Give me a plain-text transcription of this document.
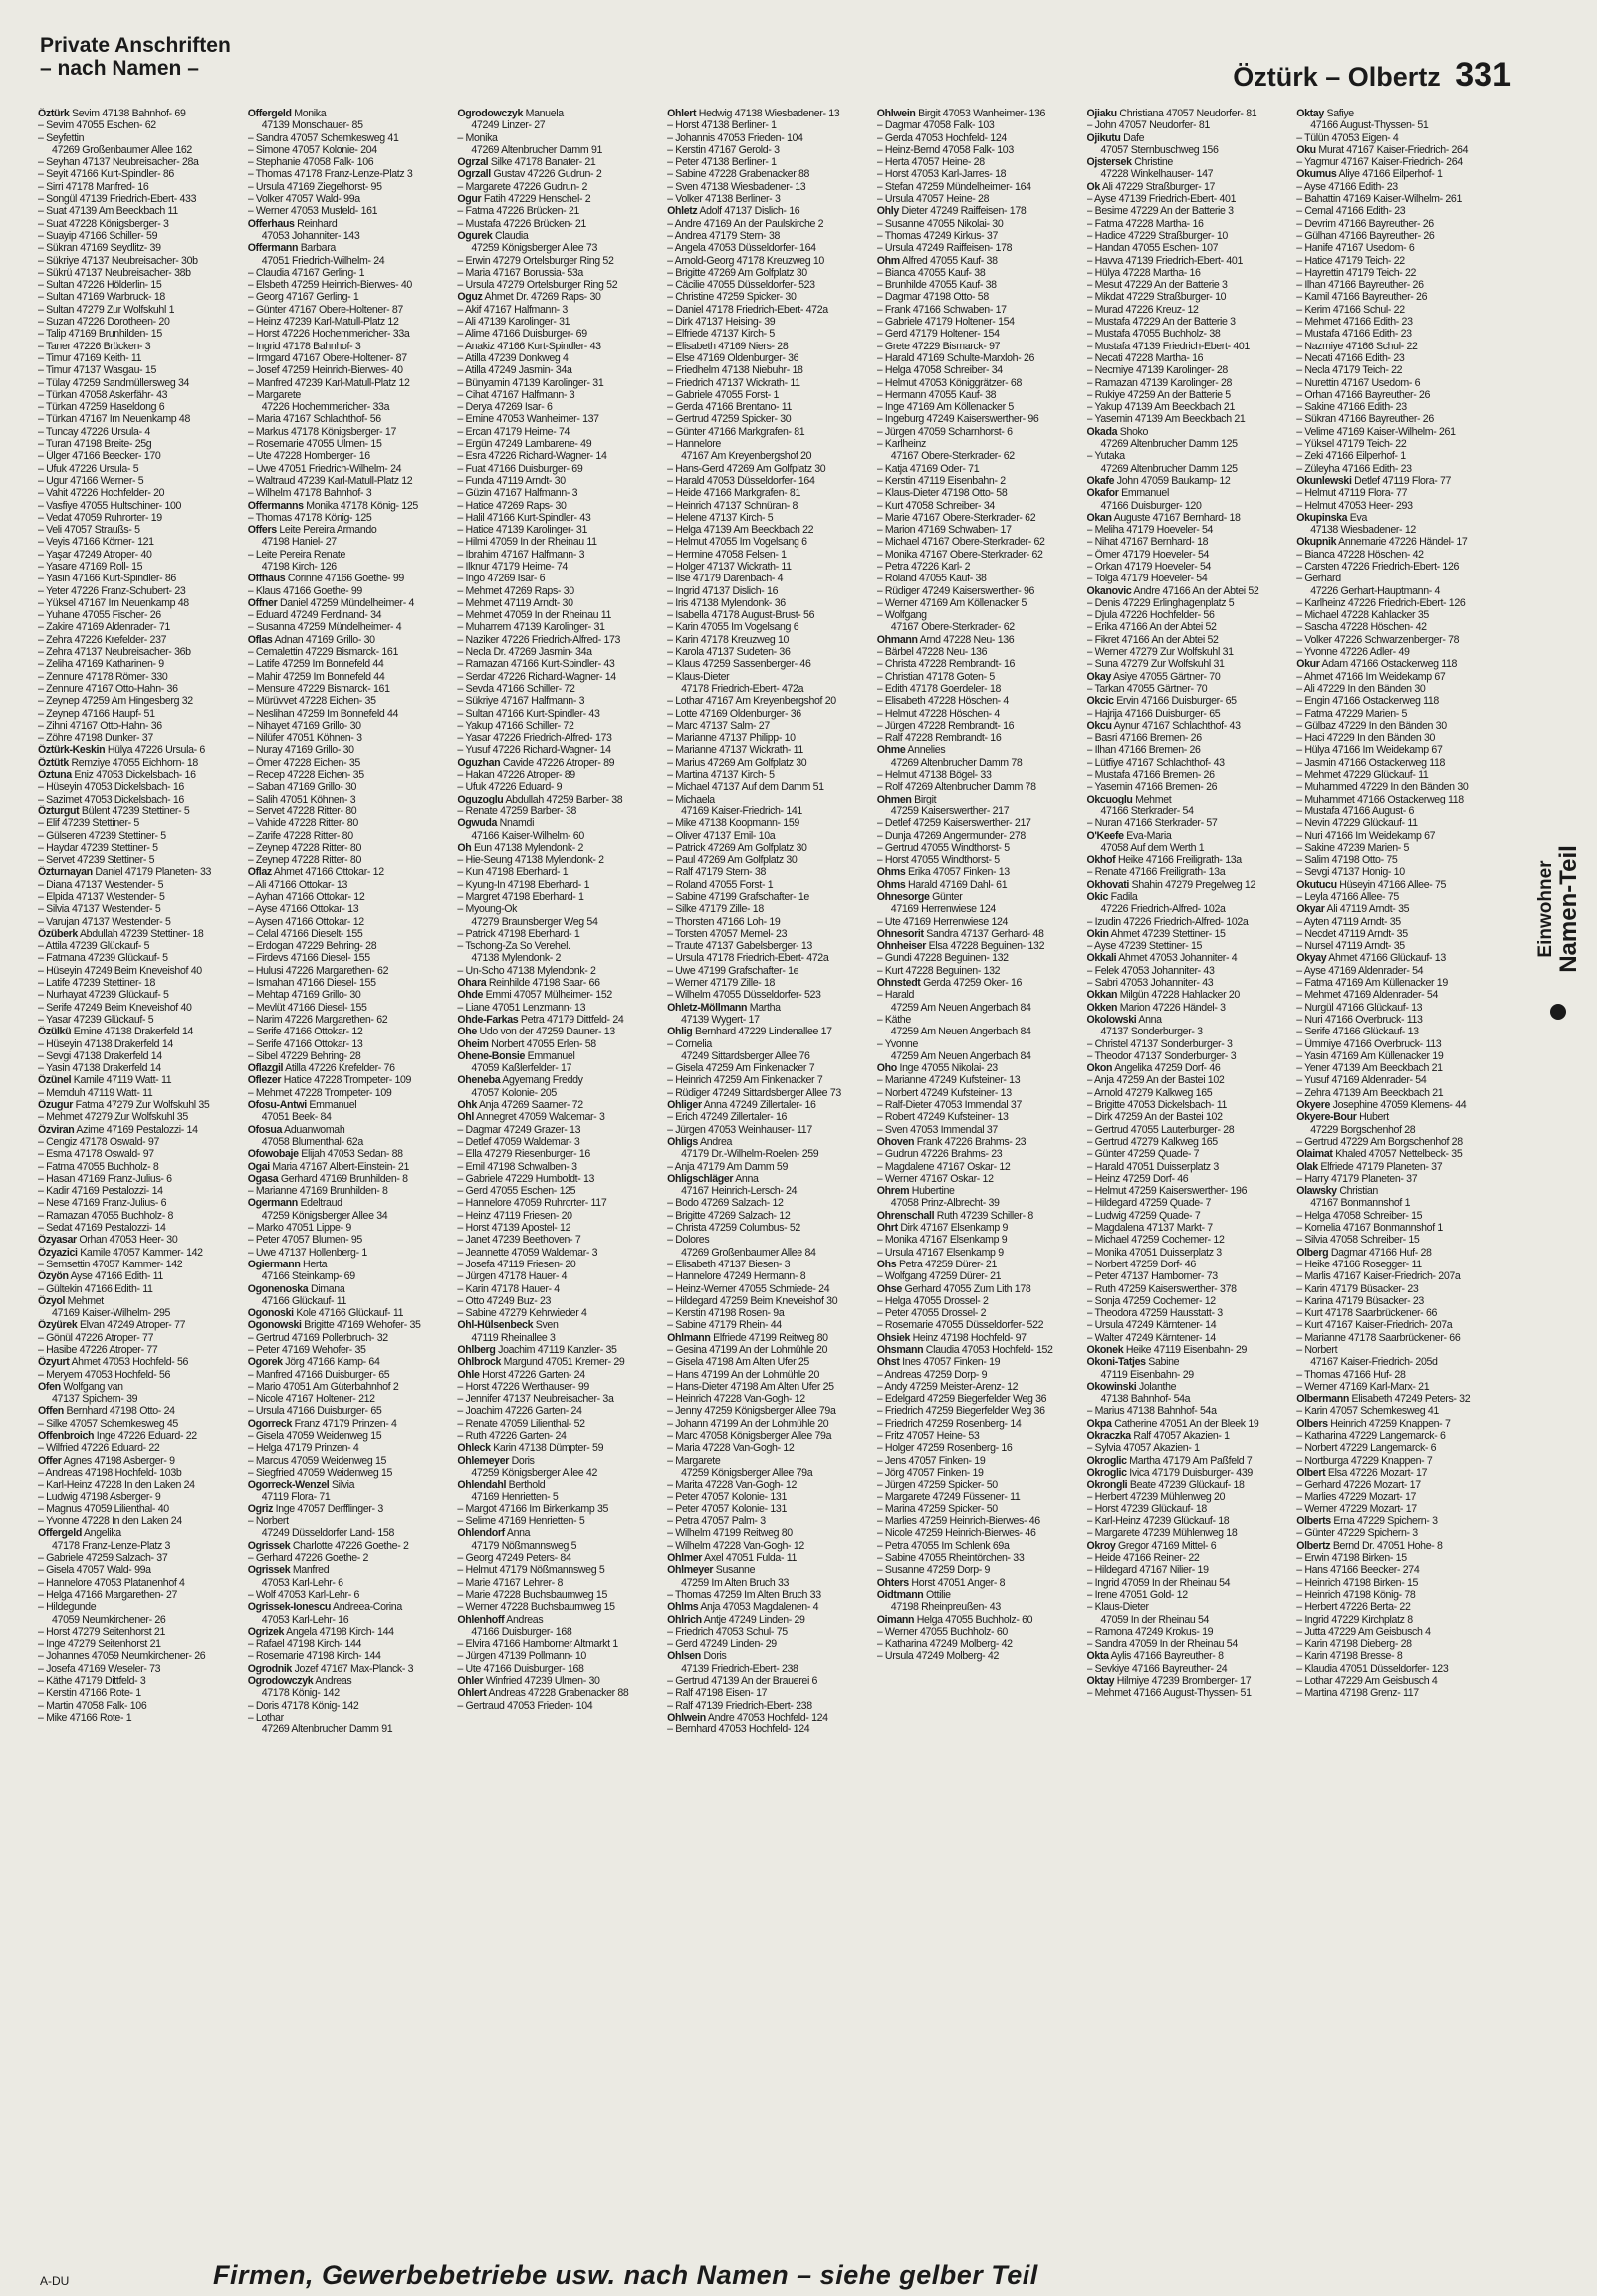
Private Anschriften
– nach Namen –	Öztürk – Olbertz 331
Öztürk Sevim 47138 Bahnhof- 69
– Sevim 47055 Eschen- 62
– Seyfettin
47269 Großenbaumer Allee 162
– Seyhan 47137 Neubreisacher- 28a
– Seyit 47166 Kurt-Spindler- 86
– Sirri 47178 Manfred- 16
– Songül 47139 Friedrich-Ebert- 433
– Suat 47139 Am Beeckbach 11
– Suat 47228 Königsberger- 3
– Suayip 47166 Schiller- 59
– Sükran 47169 Seydlitz- 39
– Sükriye 47137 Neubreisacher- 30b
– Sükrü 47137 Neubreisacher- 38b
– Sultan 47226 Hölderlin- 15
– Sultan 47169 Warbruck- 18
– Sultan 47279 Zur Wolfskuhl 1
– Suzan 47226 Dorotheen- 20
– Talip 47169 Brunhilden- 15
– Taner 47226 Brücken- 3
– Timur 47169 Keith- 11
– Timur 47137 Wasgau- 15
– Tülay 47259 Sandmüllersweg 34
– Türkan 47058 Askerfähr- 43
– Türkan 47259 Haseldong 6
– Türkan 47167 Im Neuenkamp 48
– Tuncay 47226 Ursula- 4
– Turan 47198 Breite- 25g
– Ülger 47166 Beecker- 170
– Ufuk 47226 Ursula- 5
– Ugur 47166 Werner- 5
– Vahit 47226 Hochfelder- 20
– Vasfiye 47055 Hultschiner- 100
– Vedat 47059 Ruhrorter- 19
– Veli 47057 Straußs- 5
– Veyis 47166 Körner- 121
– Yaşar 47249 Atroper- 40
– Yasare 47169 Roll- 15
– Yasin 47166 Kurt-Spindler- 86
– Yeter 47226 Franz-Schubert- 23
– Yüksel 47167 Im Neuenkamp 48
– Yuhane 47055 Fischer- 26
– Zakire 47169 Aldenrader- 71
– Zehra 47226 Krefelder- 237
– Zehra 47137 Neubreisacher- 36b
– Zeliha 47169 Katharinen- 9
– Zennure 47178 Römer- 330
– Zennure 47167 Otto-Hahn- 36
– Zeynep 47259 Am Hingesberg 32
– Zeynep 47166 Haupf- 51
– Zihni 47167 Otto-Hahn- 36
– Zöhre 47198 Dunker- 37
Öztürk-Keskin Hülya 47226 Ursula- 6
Öztütk Remziye 47055 Eichhorn- 18
Öztuna Eniz 47053 Dickelsbach- 16
– Hüseyin 47053 Dickelsbach- 16
– Sazimet 47053 Dickelsbach- 16
Özturgut Bülent 47239 Stettiner- 5
– Elif 47239 Stettiner- 5
– Gülseren 47239 Stettiner- 5
– Haydar 47239 Stettiner- 5
– Servet 47239 Stettiner- 5
Özturnayan Daniel 47179 Planeten- 33
– Diana 47137 Westender- 5
– Elpida 47137 Westender- 5
– Silvia 47137 Westender- 5
– Varujan 47137 Westender- 5
Özüberk Abdullah 47239 Stettiner- 18
– Attila 47239 Glückauf- 5
– Fatmana 47239 Glückauf- 5
– Hüseyin 47249 Beim Kneveishof 40
– Latife 47239 Stettiner- 18
– Nurhayat 47239 Glückauf- 5
– Serife 47249 Beim Kneveishof 40
– Yasar 47239 Glückauf- 5
Özülkü Emine 47138 Drakerfeld 14
– Hüseyin 47138 Drakerfeld 14
– Sevgi 47138 Drakerfeld 14
– Yasin 47138 Drakerfeld 14
Özünel Kamile 47119 Watt- 11
– Memduh 47119 Watt- 11
Özugur Fatma 47279 Zur Wolfskuhl 35
– Mehmet 47279 Zur Wolfskuhl 35
Özviran Azime 47169 Pestalozzi- 14
– Cengiz 47178 Oswald- 97
– Esma 47178 Oswald- 97
– Fatma 47055 Buchholz- 8
– Hasan 47169 Franz-Julius- 6
– Kadir 47169 Pestalozzi- 14
– Nese 47169 Franz-Julius- 6
– Ramazan 47055 Buchholz- 8
– Sedat 47169 Pestalozzi- 14
Özyasar Orhan 47053 Heer- 30
Özyazici Kamile 47057 Kammer- 142
– Semsettin 47057 Kammer- 142
Özyön Ayse 47166 Edith- 11
– Gültekin 47166 Edith- 11
Özyol Mehmet
47169 Kaiser-Wilhelm- 295
Özyürek Elvan 47249 Atroper- 77
– Gönül 47226 Atroper- 77
– Hasibe 47226 Atroper- 77
Özyurt Ahmet 47053 Hochfeld- 56
– Meryem 47053 Hochfeld- 56
Ofen Wolfgang van
47137 Spichern- 39
Offen Bernhard 47198 Otto- 24
– Silke 47057 Schemkesweg 45
Offenbroich Inge 47226 Eduard- 22
– Wilfried 47226 Eduard- 22
Offer Agnes 47198 Asberger- 9
– Andreas 47198 Hochfeld- 103b
– Karl-Heinz 47228 In den Laken 24
– Ludwig 47198 Asberger- 9
– Magnus 47059 Lilienthal- 40
– Yvonne 47228 In den Laken 24
Offergeld Angelika
47178 Franz-Lenze-Platz 3
– Gabriele 47259 Salzach- 37
– Gisela 47057 Wald- 99a
– Hannelore 47053 Platanenhof 4
– Helga 47166 Margarethen- 27
– Hildegunde
47059 Neumkirchener- 26
– Horst 47279 Seitenhorst 21
– Inge 47279 Seitenhorst 21
– Johannes 47059 Neumkirchener- 26
– Josefa 47169 Weseler- 73
– Käthe 47179 Dittfeld- 3
– Kerstin 47166 Rote- 1
– Martin 47058 Falk- 106
– Mike 47166 Rote- 1
Offergeld Monika
47139 Monschauer- 85
– Sandra 47057 Schemkesweg 41
– Simone 47057 Kolonie- 204
– Stephanie 47058 Falk- 106
– Thomas 47178 Franz-Lenze-Platz 3
– Ursula 47169 Ziegelhorst- 95
– Volker 47057 Wald- 99a
– Werner 47053 Musfeld- 161
Offerhaus Reinhard
47053 Johanniter- 143
Offermann Barbara
47051 Friedrich-Wilhelm- 24
– Claudia 47167 Gerling- 1
– Elsbeth 47259 Heinrich-Bierwes- 40
– Georg 47167 Gerling- 1
– Günter 47167 Obere-Holtener- 87
– Heinz 47239 Karl-Matull-Platz 12
– Horst 47226 Hochemmericher- 33a
– Ingrid 47178 Bahnhof- 3
– Irmgard 47167 Obere-Holtener- 87
– Josef 47259 Heinrich-Bierwes- 40
– Manfred 47239 Karl-Matull-Platz 12
– Margarete
47226 Hochemmericher- 33a
– Maria 47167 Schlachthof- 56
– Markus 47178 Königsberger- 17
– Rosemarie 47055 Ulmen- 15
– Ute 47228 Homberger- 16
– Uwe 47051 Friedrich-Wilhelm- 24
– Waltraud 47239 Karl-Matull-Platz 12
– Wilhelm 47178 Bahnhof- 3
Offermanns Monika 47178 König- 125
– Thomas 47178 König- 125
Offers Leite Pereira Armando
47198 Haniel- 27
– Leite Pereira Renate
47198 Kirch- 126
Offhaus Corinne 47166 Goethe- 99
– Klaus 47166 Goethe- 99
Offner Daniel 47259 Mündelheimer- 4
– Eduard 47249 Ferdinand- 34
– Susanna 47259 Mündelheimer- 4
Oflas Adnan 47169 Grillo- 30
– Cemalettin 47229 Bismarck- 161
– Latife 47259 Im Bonnefeld 44
– Mahir 47259 Im Bonnefeld 44
– Mensure 47229 Bismarck- 161
– Mürüvvet 47228 Eichen- 35
– Neslihan 47259 Im Bonnefeld 44
– Nihayet 47169 Grillo- 30
– Nilüfer 47051 Köhnen- 3
– Nuray 47169 Grillo- 30
– Ömer 47228 Eichen- 35
– Recep 47228 Eichen- 35
– Saban 47169 Grillo- 30
– Salih 47051 Köhnen- 3
– Servet 47228 Ritter- 80
– Vahide 47228 Ritter- 80
– Zarife 47228 Ritter- 80
– Zeynep 47228 Ritter- 80
– Zeynep 47228 Ritter- 80
Oflaz Ahmet 47166 Ottokar- 12
– Ali 47166 Ottokar- 13
– Ayhan 47166 Ottokar- 12
– Ayse 47166 Ottokar- 13
– Aysen 47166 Ottokar- 12
– Celal 47166 Dieselt- 155
– Erdogan 47229 Behring- 28
– Firdevs 47166 Diesel- 155
– Hulusi 47226 Margarethen- 62
– Ismahan 47166 Diesel- 155
– Mehtap 47169 Grillo- 30
– Mevlüt 47166 Diesel- 155
– Narim 47226 Margarethen- 62
– Serife 47166 Ottokar- 12
– Serife 47166 Ottokar- 13
– Sibel 47229 Behring- 28
Oflazgil Atilla 47226 Krefelder- 76
Oflezer Hatice 47228 Trompeter- 109
– Mehmet 47228 Trompeter- 109
Ofosu-Antwi Emmanuel
47051 Beek- 84
Ofosua Aduanwomah
47058 Blumenthal- 62a
Ofowobaje Elijah 47053 Sedan- 88
Ogai Maria 47167 Albert-Einstein- 21
Ogasa Gerhard 47169 Brunhilden- 8
– Marianne 47169 Brunhilden- 8
Ogermann Edeltraud
47259 Königsberger Allee 34
– Marko 47051 Lippe- 9
– Peter 47057 Blumen- 95
– Uwe 47137 Hollenberg- 1
Ogiermann Herta
47166 Steinkamp- 69
Ogonenoska Dimana
47166 Glückauf- 11
Ogonoski Kole 47166 Glückauf- 11
Ogonowski Brigitte 47169 Wehofer- 35
– Gertrud 47169 Pollerbruch- 32
– Peter 47169 Wehofer- 35
Ogorek Jörg 47166 Kamp- 64
– Manfred 47166 Duisburger- 65
– Mario 47051 Am Güterbahnhof 2
– Nicole 47167 Holtener- 212
– Ursula 47166 Duisburger- 65
Ogorreck Franz 47179 Prinzen- 4
– Gisela 47059 Weidenweg 15
– Helga 47179 Prinzen- 4
– Marcus 47059 Weidenweg 15
– Siegfried 47059 Weidenweg 15
Ogorreck-Wenzel Silvia
47119 Flora- 71
Ogriz Inge 47057 Derfflinger- 3
– Norbert
47249 Düsseldorfer Land- 158
Ogrissek Charlotte 47226 Goethe- 2
– Gerhard 47226 Goethe- 2
Ogrissek Manfred
47053 Karl-Lehr- 6
– Wolf 47053 Karl-Lehr- 6
Ogrissek-Ionescu Andreea-Corina
47053 Karl-Lehr- 16
Ogrizek Angela 47198 Kirch- 144
– Rafael 47198 Kirch- 144
– Rosemarie 47198 Kirch- 144
Ogrodnik Jozef 47167 Max-Planck- 3
Ogrodowczyk Andreas
47178 König- 142
– Doris 47178 König- 142
– Lothar
47269 Altenbrucher Damm 91
Ogrodowczyk Manuela
47249 Linzer- 27
– Monika
47269 Altenbrucher Damm 91
Ogrzal Silke 47178 Banater- 21
Ogrzall Gustav 47226 Gudrun- 2
– Margarete 47226 Gudrun- 2
Ogur Fatih 47229 Henschel- 2
– Fatma 47226 Brücken- 21
– Mustafa 47226 Brücken- 21
Ogurek Claudia
47259 Königsberger Allee 73
– Erwin 47279 Ortelsburger Ring 52
– Maria 47167 Borussia- 53a
– Ursula 47279 Ortelsburger Ring 52
Oguz Ahmet Dr. 47269 Raps- 30
– Akif 47167 Halfmann- 3
– Ali 47139 Karolinger- 31
– Alime 47166 Duisburger- 69
– Anakiz 47166 Kurt-Spindler- 43
– Atilla 47239 Donkweg 4
– Atilla 47249 Jasmin- 34a
– Bünyamin 47139 Karolinger- 31
– Cihat 47167 Halfmann- 3
– Derya 47269 Isar- 6
– Emine 47053 Wanheimer- 137
– Ercan 47179 Heime- 74
– Ergün 47249 Lambarene- 49
– Esra 47226 Richard-Wagner- 14
– Fuat 47166 Duisburger- 69
– Funda 47119 Arndt- 30
– Güzin 47167 Halfmann- 3
– Hatice 47269 Raps- 30
– Halil 47166 Kurt-Spindler- 43
– Hatice 47139 Karolinger- 31
– Hilmi 47059 In der Rheinau 11
– Ibrahim 47167 Halfmann- 3
– Ilknur 47179 Heime- 74
– Ingo 47269 Isar- 6
– Mehmet 47269 Raps- 30
– Mehmet 47119 Arndt- 30
– Mehmet 47059 In der Rheinau 11
– Muharrem 47139 Karolinger- 31
– Naziker 47226 Friedrich-Alfred- 173
– Necla Dr. 47269 Jasmin- 34a
– Ramazan 47166 Kurt-Spindler- 43
– Serdar 47226 Richard-Wagner- 14
– Sevda 47166 Schiller- 72
– Sükriye 47167 Halfmann- 3
– Sultan 47166 Kurt-Spindler- 43
– Yakup 47166 Schiller- 72
– Yasar 47226 Friedrich-Alfred- 173
– Yusuf 47226 Richard-Wagner- 14
Oguzhan Cavide 47226 Atroper- 89
– Hakan 47226 Atroper- 89
– Ufuk 47226 Eduard- 9
Oguzoglu Abdullah 47259 Barber- 38
– Renate 47259 Barber- 38
Ogwuda Nnamdi
47166 Kaiser-Wilhelm- 60
Oh Eun 47138 Mylendonk- 2
– Hie-Seung 47138 Mylendonk- 2
– Kun 47198 Eberhard- 1
– Kyung-In 47198 Eberhard- 1
– Margret 47198 Eberhard- 1
– Myoung-Ok
47279 Braunsberger Weg 54
– Patrick 47198 Eberhard- 1
– Tschong-Za So Verehel.
47138 Mylendonk- 2
– Un-Scho 47138 Mylendonk- 2
Ohara Reinhilde 47198 Saar- 66
Ohde Emmi 47057 Mülheimer- 152
– Liane 47051 Lenzmann- 13
Ohde-Farkas Petra 47179 Dittfeld- 24
Ohe Udo von der 47259 Dauner- 13
Oheim Norbert 47055 Erlen- 58
Ohene-Bonsie Emmanuel
47059 Kaßlerfelder- 17
Oheneba Agyemang Freddy
47057 Kolonie- 205
Ohk Anja 47269 Saarner- 72
Ohl Annegret 47059 Waldemar- 3
– Dagmar 47249 Grazer- 13
– Detlef 47059 Waldemar- 3
– Ella 47279 Riesenburger- 16
– Emil 47198 Schwalben- 3
– Gabriele 47229 Humboldt- 13
– Gerd 47055 Eschen- 125
– Hannelore 47059 Ruhrorter- 117
– Heinz 47119 Friesen- 20
– Horst 47139 Apostel- 12
– Janet 47239 Beethoven- 7
– Jeannette 47059 Waldemar- 3
– Josefa 47119 Friesen- 20
– Jürgen 47178 Hauer- 4
– Karin 47178 Hauer- 4
– Otto 47249 Buz- 23
– Sabine 47279 Kehrwieder 4
Ohl-Hülsenbeck Sven
47119 Rheinallee 3
Ohlberg Joachim 47119 Kanzler- 35
Ohlbrock Margund 47051 Kremer- 29
Ohle Horst 47226 Garten- 24
– Horst 47226 Werthauser- 99
– Jennifer 47137 Neubreisacher- 3a
– Joachim 47226 Garten- 24
– Renate 47059 Lilienthal- 52
– Ruth 47226 Garten- 24
Ohleck Karin 47138 Dümpter- 59
Ohlemeyer Doris
47259 Königsberger Allee 42
Ohlendahl Berthold
47169 Henrietten- 5
– Margot 47166 Im Birkenkamp 35
– Selime 47169 Henrietten- 5
Ohlendorf Anna
47179 Nößmannsweg 5
– Georg 47249 Peters- 84
– Helmut 47179 Nößmannsweg 5
– Marie 47167 Lehrer- 8
– Marie 47228 Buchsbaumweg 15
– Werner 47228 Buchsbaumweg 15
Ohlenhoff Andreas
47166 Duisburger- 168
– Elvira 47166 Hamborner Altmarkt 1
– Jürgen 47139 Pollmann- 10
– Ute 47166 Duisburger- 168
Ohler Winfried 47239 Ulmen- 30
Ohlert Andreas 47228 Grabenacker 88
– Gertraud 47053 Frieden- 104
Ohlert Hedwig 47138 Wiesbadener- 13
– Horst 47138 Berliner- 1
– Johannis 47053 Frieden- 104
– Kerstin 47167 Gerold- 3
– Peter 47138 Berliner- 1
– Sabine 47228 Grabenacker 88
– Sven 47138 Wiesbadener- 13
– Volker 47138 Berliner- 3
Ohletz Adolf 47137 Dislich- 16
– Andre 47169 An der Paulskirche 2
– Andrea 47179 Stern- 38
– Angela 47053 Düsseldorfer- 164
– Arnold-Georg 47178 Kreuzweg 10
– Brigitte 47269 Am Golfplatz 30
– Cäcilie 47055 Düsseldorfer- 523
– Christine 47259 Spicker- 30
– Daniel 47178 Friedrich-Ebert- 472a
– Dirk 47137 Heising- 39
– Elfriede 47137 Kirch- 5
– Elisabeth 47169 Niers- 28
– Else 47169 Oldenburger- 36
– Friedhelm 47138 Niebuhr- 18
– Friedrich 47137 Wickrath- 11
– Gabriele 47055 Forst- 1
– Gerda 47166 Brentano- 11
– Gertrud 47259 Spicker- 30
– Günter 47166 Markgrafen- 81
– Hannelore
47167 Am Kreyenbergshof 20
– Hans-Gerd 47269 Am Golfplatz 30
– Harald 47053 Düsseldorfer- 164
– Heide 47166 Markgrafen- 81
– Heinrich 47137 Schnüran- 8
– Helene 47137 Kirch- 5
– Helga 47139 Am Beeckbach 22
– Helmut 47055 Im Vogelsang 6
– Hermine 47058 Felsen- 1
– Holger 47137 Wickrath- 11
– Ilse 47179 Darenbach- 4
– Ingrid 47137 Dislich- 16
– Iris 47138 Mylendonk- 36
– Isabella 47178 August-Brust- 56
– Karin 47055 Im Vogelsang 6
– Karin 47178 Kreuzweg 10
– Karola 47137 Sudeten- 36
– Klaus 47259 Sassenberger- 46
– Klaus-Dieter
47178 Friedrich-Ebert- 472a
– Lothar 47167 Am Kreyenbergshof 20
– Lotte 47169 Oldenburger- 36
– Marc 47137 Salm- 27
– Marianne 47137 Philipp- 10
– Marianne 47137 Wickrath- 11
– Marius 47269 Am Golfplatz 30
– Martina 47137 Kirch- 5
– Michael 47137 Auf dem Damm 51
– Michaela
47169 Kaiser-Friedrich- 141
– Mike 47138 Koopmann- 159
– Oliver 47137 Emil- 10a
– Patrick 47269 Am Golfplatz 30
– Paul 47269 Am Golfplatz 30
– Ralf 47179 Stern- 38
– Roland 47055 Forst- 1
– Sabine 47199 Grafschafter- 1e
– Silke 47179 Zille- 18
– Thorsten 47166 Loh- 19
– Torsten 47057 Memel- 23
– Traute 47137 Gabelsberger- 13
– Ursula 47178 Friedrich-Ebert- 472a
– Uwe 47199 Grafschafter- 1e
– Werner 47179 Zille- 18
– Wilhelm 47055 Düsseldorfer- 523
Ohletz-Möllmann Martha
47139 Wygert- 17
Ohlig Bernhard 47229 Lindenallee 17
– Cornelia
47249 Sittardsberger Allee 76
– Gisela 47259 Am Finkenacker 7
– Heinrich 47259 Am Finkenacker 7
– Rüdiger 47249 Sittardsberger Allee 73
Ohliger Anna 47249 Zillertaler- 16
– Erich 47249 Zillertaler- 16
– Jürgen 47053 Weinhauser- 117
Ohligs Andrea
47179 Dr.-Wilhelm-Roelen- 259
– Anja 47179 Am Damm 59
Ohligschläger Anna
47167 Heinrich-Lersch- 24
– Bodo 47269 Salzach- 12
– Brigitte 47269 Salzach- 12
– Christa 47259 Columbus- 52
– Dolores
47269 Großenbaumer Allee 84
– Elisabeth 47137 Biesen- 3
– Hannelore 47249 Hermann- 8
– Heinz-Werner 47055 Schmiede- 24
– Hildegard 47259 Beim Kneveishof 30
– Kerstin 47198 Rosen- 9a
– Sabine 47179 Rhein- 44
Ohlmann Elfriede 47199 Reitweg 80
– Gesina 47199 An der Lohmühle 20
– Gisela 47198 Am Alten Ufer 25
– Hans 47199 An der Lohmühle 20
– Hans-Dieter 47198 Am Alten Ufer 25
– Heinrich 47228 Van-Gogh- 12
– Jenny 47259 Königsberger Allee 79a
– Johann 47199 An der Lohmühle 20
– Marc 47058 Königsberger Allee 79a
– Maria 47228 Van-Gogh- 12
– Margarete
47259 Königsberger Allee 79a
– Marita 47228 Van-Gogh- 12
– Peter 47057 Kolonie- 131
– Peter 47057 Kolonie- 131
– Petra 47057 Palm- 3
– Wilhelm 47199 Reitweg 80
– Wilhelm 47228 Van-Gogh- 12
Ohlmer Axel 47051 Fulda- 11
Ohlmeyer Susanne
47259 Im Alten Bruch 33
– Thomas 47259 Im Alten Bruch 33
Ohlms Anja 47053 Magdalenen- 4
Ohlrich Antje 47249 Linden- 29
– Friedrich 47053 Schul- 75
– Gerd 47249 Linden- 29
Ohlsen Doris
47139 Friedrich-Ebert- 238
– Gertrud 47139 An der Brauerei 6
– Ralf 47198 Eisen- 17
– Ralf 47139 Friedrich-Ebert- 238
Ohlwein Andre 47053 Hochfeld- 124
– Bernhard 47053 Hochfeld- 124
Ohlwein Birgit 47053 Wanheimer- 136
– Dagmar 47058 Falk- 103
– Gerda 47053 Hochfeld- 124
– Heinz-Bernd 47058 Falk- 103
– Herta 47057 Heine- 28
– Horst 47053 Karl-Jarres- 18
– Stefan 47259 Mündelheimer- 164
– Ursula 47057 Heine- 28
Ohly Dieter 47249 Raiffeisen- 178
– Susanne 47055 Nikolai- 30
– Thomas 47249 Kirkus- 37
– Ursula 47249 Raiffeisen- 178
Ohm Alfred 47055 Kauf- 38
– Bianca 47055 Kauf- 38
– Brunhilde 47055 Kauf- 38
– Dagmar 47198 Otto- 58
– Frank 47166 Schwaben- 17
– Gabriele 47179 Holtener- 154
– Gerd 47179 Holtener- 154
– Grete 47229 Bismarck- 97
– Harald 47169 Schulte-Marxloh- 26
– Helga 47058 Schreiber- 34
– Helmut 47053 Königgrätzer- 68
– Hermann 47055 Kauf- 38
– Inge 47169 Am Köllenacker 5
– Ingeburg 47249 Kaiserswerther- 96
– Jürgen 47059 Scharnhorst- 6
– Karlheinz
47167 Obere-Sterkrader- 62
– Katja 47169 Oder- 71
– Kerstin 47119 Eisenbahn- 2
– Klaus-Dieter 47198 Otto- 58
– Kurt 47058 Schreiber- 34
– Marie 47167 Obere-Sterkrader- 62
– Marion 47169 Schwaben- 17
– Michael 47167 Obere-Sterkrader- 62
– Monika 47167 Obere-Sterkrader- 62
– Petra 47226 Karl- 2
– Roland 47055 Kauf- 38
– Rüdiger 47249 Kaiserswerther- 96
– Werner 47169 Am Köllenacker 5
– Wolfgang
47167 Obere-Sterkrader- 62
Ohmann Arnd 47228 Neu- 136
– Bärbel 47228 Neu- 136
– Christa 47228 Rembrandt- 16
– Christian 47178 Goten- 5
– Edith 47178 Goerdeler- 18
– Elisabeth 47228 Höschen- 4
– Helmut 47228 Höschen- 4
– Jürgen 47228 Rembrandt- 16
– Ralf 47228 Rembrandt- 16
Ohme Annelies
47269 Altenbrucher Damm 78
– Helmut 47138 Bögel- 33
– Rolf 47269 Altenbrucher Damm 78
Ohmen Birgit
47259 Kaiserswerther- 217
– Detlef 47259 Kaiserswerther- 217
– Dunja 47269 Angermunder- 278
– Gertrud 47055 Windthorst- 5
– Horst 47055 Windthorst- 5
Ohms Erika 47057 Finken- 13
Ohms Harald 47169 Dahl- 61
Ohnesorge Günter
47169 Herrenwiese 124
– Ute 47169 Herrenwiese 124
Ohnesorit Sandra 47137 Gerhard- 48
Ohnheiser Elsa 47228 Beguinen- 132
– Gundi 47228 Beguinen- 132
– Kurt 47228 Beguinen- 132
Ohnstedt Gerda 47259 Oker- 16
– Harald
47259 Am Neuen Angerbach 84
– Käthe
47259 Am Neuen Angerbach 84
– Yvonne
47259 Am Neuen Angerbach 84
Oho Inge 47055 Nikolai- 23
– Marianne 47249 Kufsteiner- 13
– Norbert 47249 Kufsteiner- 13
– Ralf-Dieter 47053 Immendal 37
– Robert 47249 Kufsteiner- 13
– Sven 47053 Immendal 37
Ohoven Frank 47226 Brahms- 23
– Gudrun 47226 Brahms- 23
– Magdalene 47167 Oskar- 12
– Werner 47167 Oskar- 12
Ohrem Hubertine
47058 Prinz-Albrecht- 39
Ohrenschall Ruth 47239 Schiller- 8
Ohrt Dirk 47167 Elsenkamp 9
– Monika 47167 Elsenkamp 9
– Ursula 47167 Elsenkamp 9
Ohs Petra 47259 Dürer- 21
– Wolfgang 47259 Dürer- 21
Ohse Gerhard 47055 Zum Lith 178
– Helga 47055 Drossel- 2
– Peter 47055 Drossel- 2
– Rosemarie 47055 Düsseldorfer- 522
Ohsiek Heinz 47198 Hochfeld- 97
Ohsmann Claudia 47053 Hochfeld- 152
Ohst Ines 47057 Finken- 19
– Andreas 47259 Dorp- 9
– Andy 47259 Meister-Arenz- 12
– Edelgard 47259 Biegerfelder Weg 36
– Friedrich 47259 Biegerfelder Weg 36
– Friedrich 47259 Rosenberg- 14
– Fritz 47057 Heine- 53
– Holger 47259 Rosenberg- 16
– Jens 47057 Finken- 19
– Jörg 47057 Finken- 19
– Jürgen 47259 Spicker- 50
– Margarete 47249 Füssener- 11
– Marina 47259 Spicker- 50
– Marlies 47259 Heinrich-Bierwes- 46
– Nicole 47259 Heinrich-Bierwes- 46
– Petra 47055 Im Schlenk 69a
– Sabine 47055 Rheintörchen- 33
– Susanne 47259 Dorp- 9
Ohters Horst 47051 Anger- 8
Oidtmann Ottilie
47198 Rheinpreußen- 43
Oimann Helga 47055 Buchholz- 60
– Werner 47055 Buchholz- 60
– Katharina 47249 Molberg- 42
– Ursula 47249 Molberg- 42
Ojiaku Christiana 47057 Neudorfer- 81
– John 47057 Neudorfer- 81
Ojikutu Dafe
47057 Sternbuschweg 156
Ojstersek Christine
47228 Winkelhauser- 147
Ok Ali 47229 Straßburger- 17
– Ayse 47139 Friedrich-Ebert- 401
– Besime 47229 An der Batterie 3
– Fatma 47228 Martha- 16
– Hadice 47229 Straßburger- 10
– Handan 47055 Eschen- 107
– Havva 47139 Friedrich-Ebert- 401
– Hülya 47228 Martha- 16
– Mesut 47229 An der Batterie 3
– Mikdat 47229 Straßburger- 10
– Murad 47226 Kreuz- 12
– Mustafa 47229 An der Batterie 3
– Mustafa 47055 Buchholz- 38
– Mustafa 47139 Friedrich-Ebert- 401
– Necati 47228 Martha- 16
– Necmiye 47139 Karolinger- 28
– Ramazan 47139 Karolinger- 28
– Rukiye 47259 An der Batterie 5
– Yakup 47139 Am Beeckbach 21
– Yasemin 47139 Am Beeckbach 21
Okada Shoko
47269 Altenbrucher Damm 125
– Yutaka
47269 Altenbrucher Damm 125
Okafe John 47059 Baukamp- 12
Okafor Emmanuel
47166 Duisburger- 120
Okan Auguste 47167 Bernhard- 18
– Meliha 47179 Hoeveler- 54
– Nihat 47167 Bernhard- 18
– Ömer 47179 Hoeveler- 54
– Orkan 47179 Hoeveler- 54
– Tolga 47179 Hoeveler- 54
Okanovic Andre 47166 An der Abtei 52
– Denis 47229 Erlinghagenplatz 5
– Djula 47226 Hochfelder- 56
– Erika 47166 An der Abtei 52
– Fikret 47166 An der Abtei 52
– Werner 47279 Zur Wolfskuhl 31
– Suna 47279 Zur Wolfskuhl 31
Okay Asiye 47055 Gärtner- 70
– Tarkan 47055 Gärtner- 70
Okcic Ervin 47166 Duisburger- 65
– Hajrija 47166 Duisburger- 65
Okcu Aynur 47167 Schlachthof- 43
– Basri 47166 Bremen- 26
– Ilhan 47166 Bremen- 26
– Lütfiye 47167 Schlachthof- 43
– Mustafa 47166 Bremen- 26
– Yasemin 47166 Bremen- 26
Okcuoglu Mehmet
47166 Sterkrader- 54
– Nuran 47166 Sterkrader- 57
O'Keefe Eva-Maria
47058 Auf dem Werth 1
Okhof Heike 47166 Freiligrath- 13a
– Renate 47166 Freiligrath- 13a
Okhovati Shahin 47279 Pregelweg 12
Okic Fadila
47226 Friedrich-Alfred- 102a
– Izudin 47226 Friedrich-Alfred- 102a
Okin Ahmet 47239 Stettiner- 15
– Ayse 47239 Stettiner- 15
Okkali Ahmet 47053 Johanniter- 4
– Felek 47053 Johanniter- 43
– Sabri 47053 Johanniter- 43
Okkan Milgün 47228 Hahlacker 20
Okken Marion 47226 Händel- 3
Okolowski Anna
47137 Sonderburger- 3
– Christel 47137 Sonderburger- 3
– Theodor 47137 Sonderburger- 3
Okon Angelika 47259 Dorf- 46
– Anja 47259 An der Bastei 102
– Arnold 47279 Kalkweg 165
– Brigitte 47053 Dickelsbach- 11
– Dirk 47259 An der Bastei 102
– Gertrud 47055 Lauterburger- 28
– Gertrud 47279 Kalkweg 165
– Günter 47259 Quade- 7
– Harald 47051 Duisserplatz 3
– Heinz 47259 Dorf- 46
– Helmut 47259 Kaiserswerther- 196
– Hildegard 47259 Quade- 7
– Ludwig 47259 Quade- 7
– Magdalena 47137 Markt- 7
– Michael 47259 Cochemer- 12
– Monika 47051 Duisserplatz 3
– Norbert 47259 Dorf- 46
– Peter 47137 Hamborner- 73
– Ruth 47259 Kaiserswerther- 378
– Sonja 47259 Cochemer- 12
– Theodora 47259 Hausstatt- 3
– Ursula 47249 Kärntener- 14
– Walter 47249 Kärntener- 14
Okonek Heike 47119 Eisenbahn- 29
Okoni-Tatjes Sabine
47119 Eisenbahn- 29
Okowinski Jolanthe
47138 Bahnhof- 54a
– Marius 47138 Bahnhof- 54a
Okpa Catherine 47051 An der Bleek 19
Okraczka Ralf 47057 Akazien- 1
– Sylvia 47057 Akazien- 1
Okroglic Martha 47179 Am Paßfeld 7
Okroglic Ivica 47179 Duisburger- 439
Okrongli Beate 47239 Glückauf- 18
– Herbert 47239 Mühlenweg 20
– Horst 47239 Glückauf- 18
– Karl-Heinz 47239 Glückauf- 18
– Margarete 47239 Mühlenweg 18
Okroy Gregor 47169 Mittel- 6
– Heide 47166 Reiner- 22
– Hildegard 47167 Nilier- 19
– Ingrid 47059 In der Rheinau 54
– Irene 47051 Gold- 12
– Klaus-Dieter
47059 In der Rheinau 54
– Ramona 47249 Krokus- 19
– Sandra 47059 In der Rheinau 54
Okta Aylis 47166 Bayreuther- 8
– Sevkiye 47166 Bayreuther- 24
Oktay Hilmiye 47239 Bromberger- 17
– Mehmet 47166 August-Thyssen- 51
Oktay Safiye
47166 August-Thyssen- 51
– Tülün 47053 Eigen- 4
Oku Murat 47167 Kaiser-Friedrich- 264
– Yagmur 47167 Kaiser-Friedrich- 264
Okumus Aliye 47166 Eilperhof- 1
– Ayse 47166 Edith- 23
– Bahattin 47169 Kaiser-Wilhelm- 261
– Cemal 47166 Edith- 23
– Devrim 47166 Bayreuther- 26
– Gülhan 47166 Bayreuther- 26
– Hanife 47167 Usedom- 6
– Hatice 47179 Teich- 22
– Hayrettin 47179 Teich- 22
– Ilhan 47166 Bayreuther- 26
– Kamil 47166 Bayreuther- 26
– Kerim 47166 Schul- 22
– Mehmet 47166 Edith- 23
– Mustafa 47166 Edith- 23
– Nazmiye 47166 Schul- 22
– Necati 47166 Edith- 23
– Necla 47179 Teich- 22
– Nurettin 47167 Usedom- 6
– Orhan 47166 Bayreuther- 26
– Sakine 47166 Edith- 23
– Sükran 47166 Bayreuther- 26
– Velime 47169 Kaiser-Wilhelm- 261
– Yüksel 47179 Teich- 22
– Zeki 47166 Eilperhof- 1
– Züleyha 47166 Edith- 23
Okunlewski Detlef 47119 Flora- 77
– Helmut 47119 Flora- 77
– Helmut 47053 Heer- 293
Okupinska Eva
47138 Wiesbadener- 12
Okupnik Annemarie 47226 Händel- 17
– Bianca 47228 Höschen- 42
– Carsten 47226 Friedrich-Ebert- 126
– Gerhard
47226 Gerhart-Hauptmann- 4
– Karlheinz 47226 Friedrich-Ebert- 126
– Michael 47228 Kahlacker 35
– Sascha 47228 Höschen- 42
– Volker 47226 Schwarzenberger- 78
– Yvonne 47226 Adler- 49
Okur Adam 47166 Ostackerweg 118
– Ahmet 47166 Im Weidekamp 67
– Ali 47229 In den Bänden 30
– Engin 47166 Ostackerweg 118
– Fatma 47229 Marien- 5
– Gülbaz 47229 In den Bänden 30
– Haci 47229 In den Bänden 30
– Hülya 47166 Im Weidekamp 67
– Jasmin 47166 Ostackerweg 118
– Mehmet 47229 Glückauf- 11
– Muhammed 47229 In den Bänden 30
– Muhammet 47166 Ostackerweg 118
– Mustafa 47166 August- 6
– Nevin 47229 Glückauf- 11
– Nuri 47166 Im Weidekamp 67
– Sakine 47239 Marien- 5
– Salim 47198 Otto- 75
– Sevgi 47137 Honig- 10
Okutucu Hüseyin 47166 Allee- 75
– Leyla 47166 Allee- 75
Okyar Ali 47119 Arndt- 35
– Ayten 47119 Arndt- 35
– Necdet 47119 Arndt- 35
– Nursel 47119 Arndt- 35
Okyay Ahmet 47166 Glückauf- 13
– Ayse 47169 Aldenrader- 54
– Fatma 47169 Am Küllenacker 19
– Mehmet 47169 Aldenrader- 54
– Nurgül 47166 Glückauf- 13
– Nuri 47166 Overbruck- 113
– Serife 47166 Glückauf- 13
– Ümmiye 47166 Overbruck- 113
– Yasin 47169 Am Küllenacker 19
– Yener 47139 Am Beeckbach 21
– Yusuf 47169 Aldenrader- 54
– Zehra 47139 Am Beeckbach 21
Okyere Josephine 47059 Klemens- 44
Okyere-Bour Hubert
47229 Borgschenhof 28
– Gertrud 47229 Am Borgschenhof 28
Olaimat Khaled 47057 Nettelbeck- 35
Olak Elfriede 47179 Planeten- 37
– Harry 47179 Planeten- 37
Olawsky Christian
47167 Bonmannshof 1
– Helga 47058 Schreiber- 15
– Kornelia 47167 Bonmannshof 1
– Silvia 47058 Schreiber- 15
Olberg Dagmar 47166 Huf- 28
– Heike 47166 Rosegger- 11
– Marlis 47167 Kaiser-Friedrich- 207a
– Karin 47179 Büsacker- 23
– Karina 47179 Büsacker- 23
– Kurt 47178 Saarbrückener- 66
– Kurt 47167 Kaiser-Friedrich- 207a
– Marianne 47178 Saarbrückener- 66
– Norbert
47167 Kaiser-Friedrich- 205d
– Thomas 47166 Huf- 28
– Werner 47169 Karl-Marx- 21
Olbermann Elisabeth 47249 Peters- 32
– Karin 47057 Schemkesweg 41
Olbers Heinrich 47259 Knappen- 7
– Katharina 47229 Langemarck- 6
– Norbert 47229 Langemarck- 6
– Nortburga 47229 Knappen- 7
Olbert Elsa 47226 Mozart- 17
– Gerhard 47226 Mozart- 17
– Marlies 47229 Mozart- 17
– Werner 47229 Mozart- 17
Olberts Erna 47229 Spichern- 3
– Günter 47229 Spichern- 3
Olbertz Bernd Dr. 47051 Hohe- 8
– Erwin 47198 Birken- 15
– Hans 47166 Beecker- 274
– Heinrich 47198 Birken- 15
– Heinrich 47198 König- 78
– Herbert 47226 Berta- 22
– Ingrid 47229 Kirchplatz 8
– Jutta 47229 Am Geisbusch 4
– Karin 47198 Dieberg- 28
– Karin 47198 Bresse- 8
– Klaudia 47051 Düsseldorfer- 123
– Lothar 47229 Am Geisbusch 4
– Martina 47198 Grenz- 117
Einwohner Namen-Teil
A-DU	Firmen, Gewerbebetriebe usw. nach Namen – siehe gelber Teil
